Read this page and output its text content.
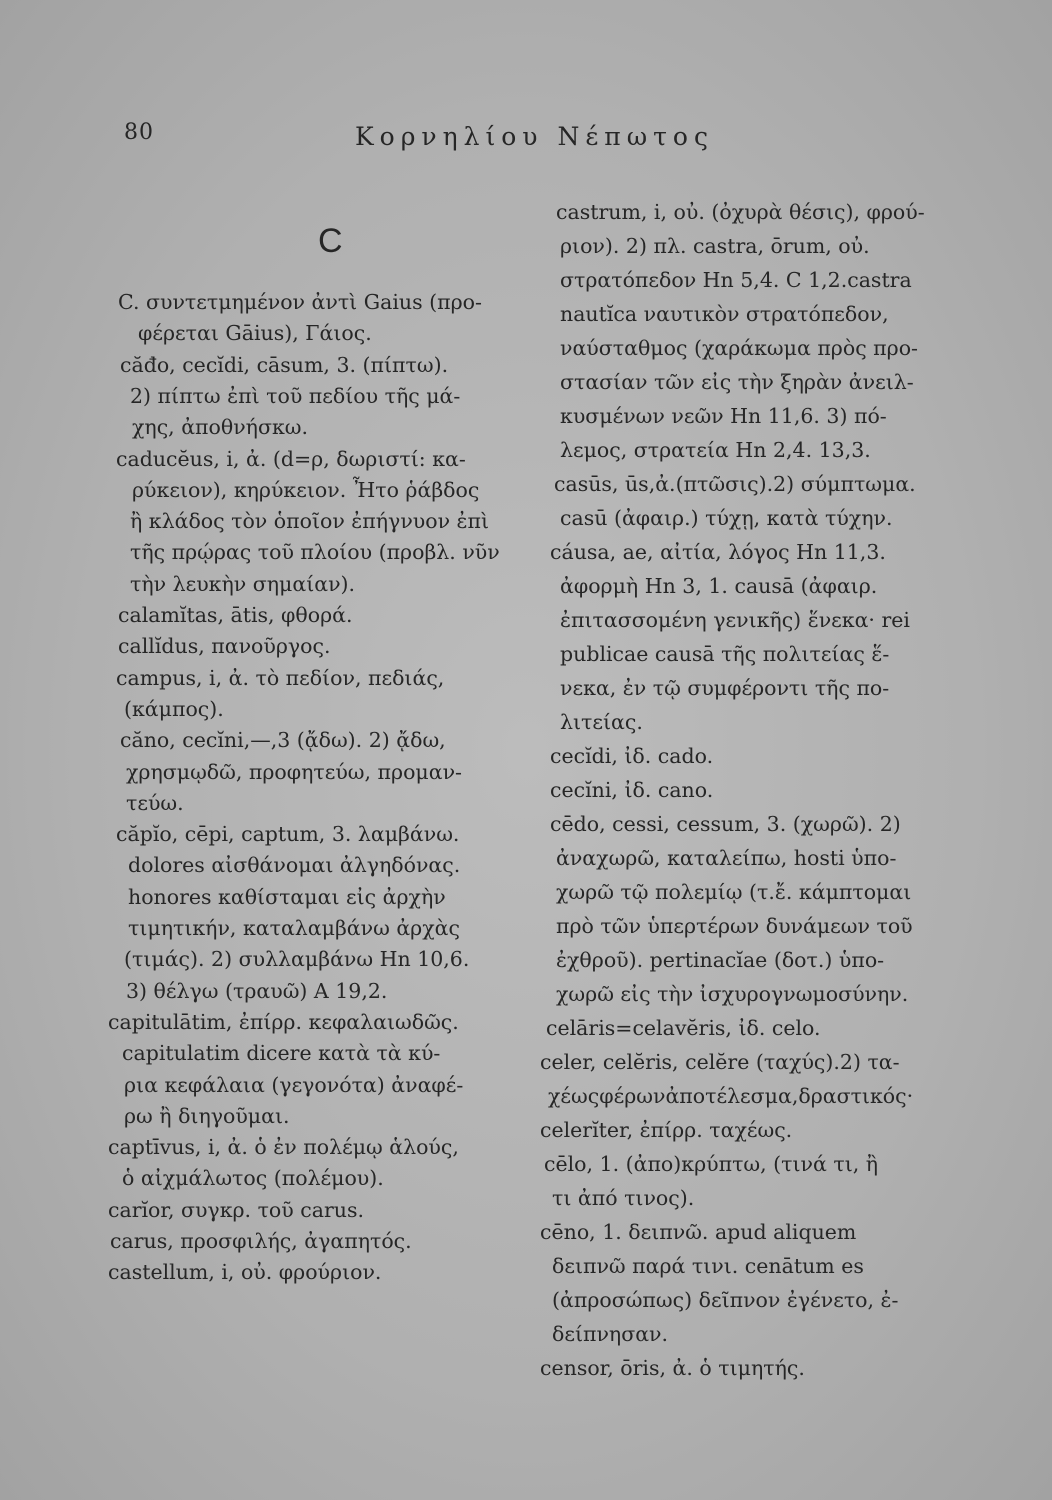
80	Κορνηλίου Νέπωτος
C
C. συντετμημένον ἀντὶ Gaius (προ-
φέρεται Gāius), Γάιος.
căđo, cecĭdi, cāsum, 3. (πίπτω).
2) πίπτω ἐπὶ τοῦ πεδίου τῆς μά-
χης, ἀποθνήσκω.
caducĕus, i, ἀ. (d=ρ, δωριστί: κα-
ρύκειον), κηρύκειον. Ἦτο ῥάβδος
ἢ κλάδος τὸν ὁποῖον ἐπήγνυον ἐπὶ
τῆς πρῴρας τοῦ πλοίου (προβλ. νῦν
τὴν λευκὴν σημαίαν).
calamĭtas, ātis, φθορά.
callĭdus, πανοῦργος.
campus, i, ἀ. τὸ πεδίον, πεδιάς,
(κάμπος).
căno, cecĭni,—,3 (ᾄδω). 2) ᾄδω,
χρησμῳδῶ, προφητεύω, προμαν-
τεύω.
căpĭo, cēpi, captum, 3. λαμβάνω.
dolores αἰσθάνομαι ἀλγηδόνας.
honores καθίσταμαι εἰς ἀρχὴν
τιμητικήν, καταλαμβάνω ἀρχὰς
(τιμάς). 2) συλλαμβάνω Hn 10,6.
3) θέλγω (τραυῶ) A 19,2.
capitulātim, ἐπίρρ. κεφαλαιωδῶς.
capitulatim dicere κατὰ τὰ κύ-
ρια κεφάλαια (γεγονότα) ἀναφέ-
ρω ἢ διηγοῦμαι.
captīvus, i, ἀ. ὁ ἐν πολέμῳ ἁλούς,
ὁ αἰχμάλωτος (πολέμου).
carĭor, συγκρ. τοῦ carus.
carus, προσφιλής, ἀγαπητός.
castellum, i, οὐ. φρούριον.
castrum, i, οὐ. (ὀχυρὰ θέσις), φρού-
ριον). 2) πλ. castra, ōrum, οὐ.
στρατόπεδον Hn 5,4. C 1,2.castra
nautĭca ναυτικὸν στρατόπεδον,
ναύσταθμος (χαράκωμα πρὸς προ-
στασίαν τῶν εἰς τὴν ξηρὰν ἀνειλ-
κυσμένων νεῶν Hn 11,6. 3) πό-
λεμος, στρατεία Hn 2,4. 13,3.
casūs, ūs,ἀ.(πτῶσις).2) σύμπτωμα.
casū (ἀφαιρ.) τύχῃ, κατὰ τύχην.
cáusa, ae, αἰτία, λόγος Hn 11,3.
ἀφορμὴ Hn 3, 1. causā (ἀφαιρ.
ἐπιτασσομένη γενικῆς) ἕνεκα· rei
publicae causā τῆς πολιτείας ἕ-
νεκα, ἐν τῷ συμφέροντι τῆς πο-
λιτείας.
cecĭdi, ἰδ. cado.
cecĭni, ἰδ. cano.
cēdo, cessi, cessum, 3. (χωρῶ). 2)
ἀναχωρῶ, καταλείπω, hosti ὑπο-
χωρῶ τῷ πολεμίῳ (τ.ἔ. κάμπτομαι
πρὸ τῶν ὑπερτέρων δυνάμεων τοῦ
ἐχθροῦ). pertinacĭae (δοτ.) ὑπο-
χωρῶ εἰς τὴν ἰσχυρογνωμοσύνην.
celāris=celavĕris, ἰδ. celo.
celer, celĕris, celĕre (ταχύς).2) τα-
χέωςφέρωνἀποτέλεσμα,δραστικός·
celerĭter, ἐπίρρ. ταχέως.
cēlo, 1. (ἀπο)κρύπτω, (τινά τι, ἢ
τι ἀπό τινος).
cēno, 1. δειπνῶ. apud aliquem
δειπνῶ παρά τινι. cenātum es
(ἀπροσώπως) δεῖπνον ἐγένετο, ἐ-
δείπνησαν.
censor, ōris, ἀ. ὁ τιμητής.
